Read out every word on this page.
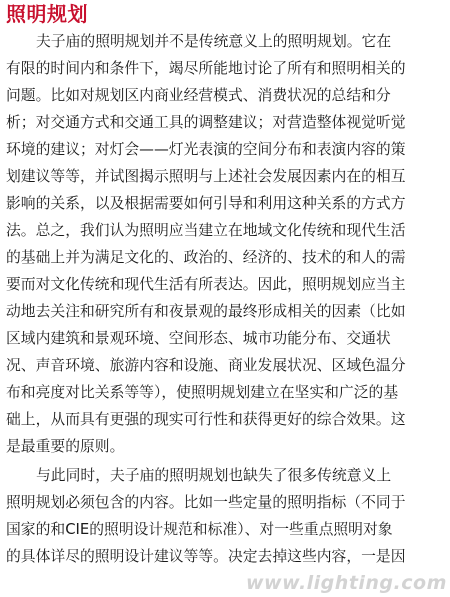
照明规划
夫子庙的照明规划并不是传统意义上的照明规划。它在
有限的时间内和条件下，竭尽所能地讨论了所有和照明相关的
问题。比如对规划区内商业经营模式、消费状况的总结和分
析；对交通方式和交通工具的调整建议；对营造整体视觉听觉
环境的建议；对灯会——灯光表演的空间分布和表演内容的策
划建议等等，并试图揭示照明与上述社会发展因素内在的相互
影响的关系，以及根据需要如何引导和利用这种关系的方式方
法。总之，我们认为照明应当建立在地域文化传统和现代生活
的基础上并为满足文化的、政治的、经济的、技术的和人的需
要而对文化传统和现代生活有所表达。因此，照明规划应当主
动地去关注和研究所有和夜景观的最终形成相关的因素（比如
区域内建筑和景观环境、空间形态、城市功能分布、交通状
况、声音环境、旅游内容和设施、商业发展状况、区域色温分
布和亮度对比关系等等），使照明规划建立在坚实和广泛的基
础上，从而具有更强的现实可行性和获得更好的综合效果。这
是最重要的原则。
与此同时，夫子庙的照明规划也缺失了很多传统意义上
照明规划必须包含的内容。比如一些定量的照明指标（不同于
国家的和CIE的照明设计规范和标准）、对一些重点照明对象
的具体详尽的照明设计建议等等。决定去掉这些内容，一是因
www.lighting.com
